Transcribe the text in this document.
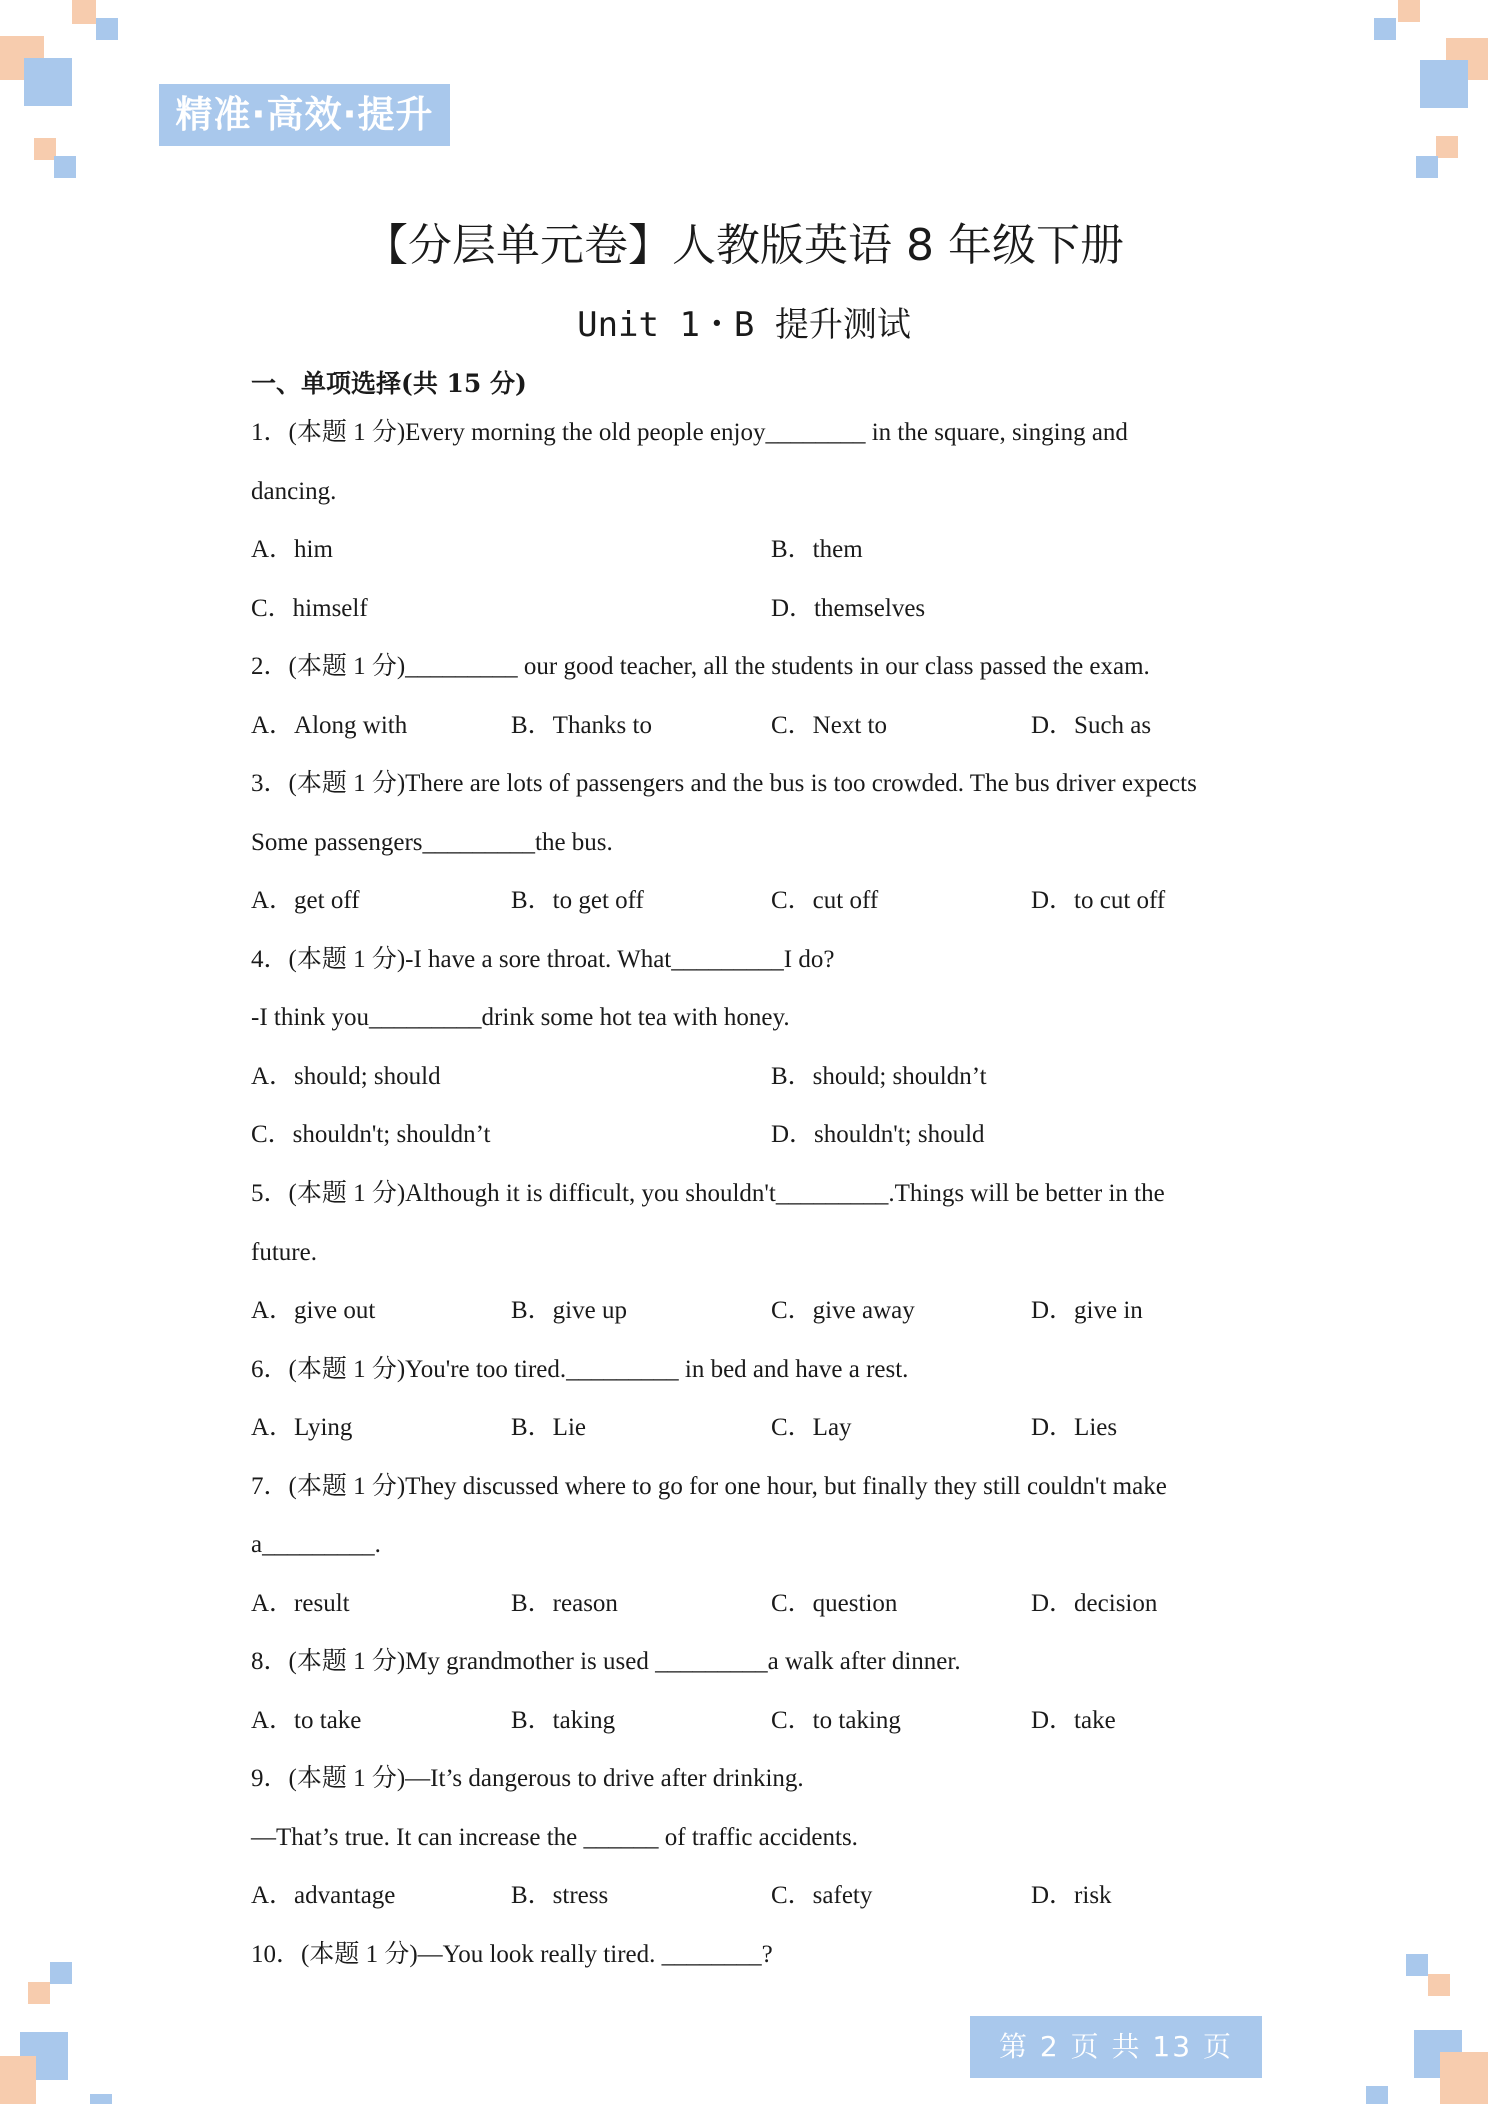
精准·高效·提升
【分层单元卷】人教版英语 8 年级下册
Unit 1・B 提升测试
一、单项选择(共 15 分)
1．(本题 1 分)Every morning the old people enjoy________ in the square, singing and
dancing.
A．him	B．them
C．himself	D．themselves
2．(本题 1 分)_________ our good teacher, all the students in our class passed the exam.
A．Along with	B．Thanks to	C．Next to	D．Such as
3．(本题 1 分)There are lots of passengers and the bus is too crowded. The bus driver expects
Some passengers_________the bus.
A．get off	B．to get off	C．cut off	D．to cut off
4．(本题 1 分)-I have a sore throat. What_________I do?
-I think you_________drink some hot tea with honey.
A．should; should	B．should; shouldn’t
C．shouldn't; shouldn’t	D．shouldn't; should
5．(本题 1 分)Although it is difficult, you shouldn't_________.Things will be better in the
future.
A．give out	B．give up	C．give away	D．give in
6．(本题 1 分)You're too tired._________ in bed and have a rest.
A．Lying	B．Lie	C．Lay	D．Lies
7．(本题 1 分)They discussed where to go for one hour, but finally they still couldn't make
a_________.
A．result	B．reason	C．question	D．decision
8．(本题 1 分)My grandmother is used _________a walk after dinner.
A．to take	B．taking	C．to taking	D．take
9．(本题 1 分)—It’s dangerous to drive after drinking.
—That’s true. It can increase the ______ of traffic accidents.
A．advantage	B．stress	C．safety	D．risk
10．(本题 1 分)—You look really tired. ________?
第 2 页 共 13 页
